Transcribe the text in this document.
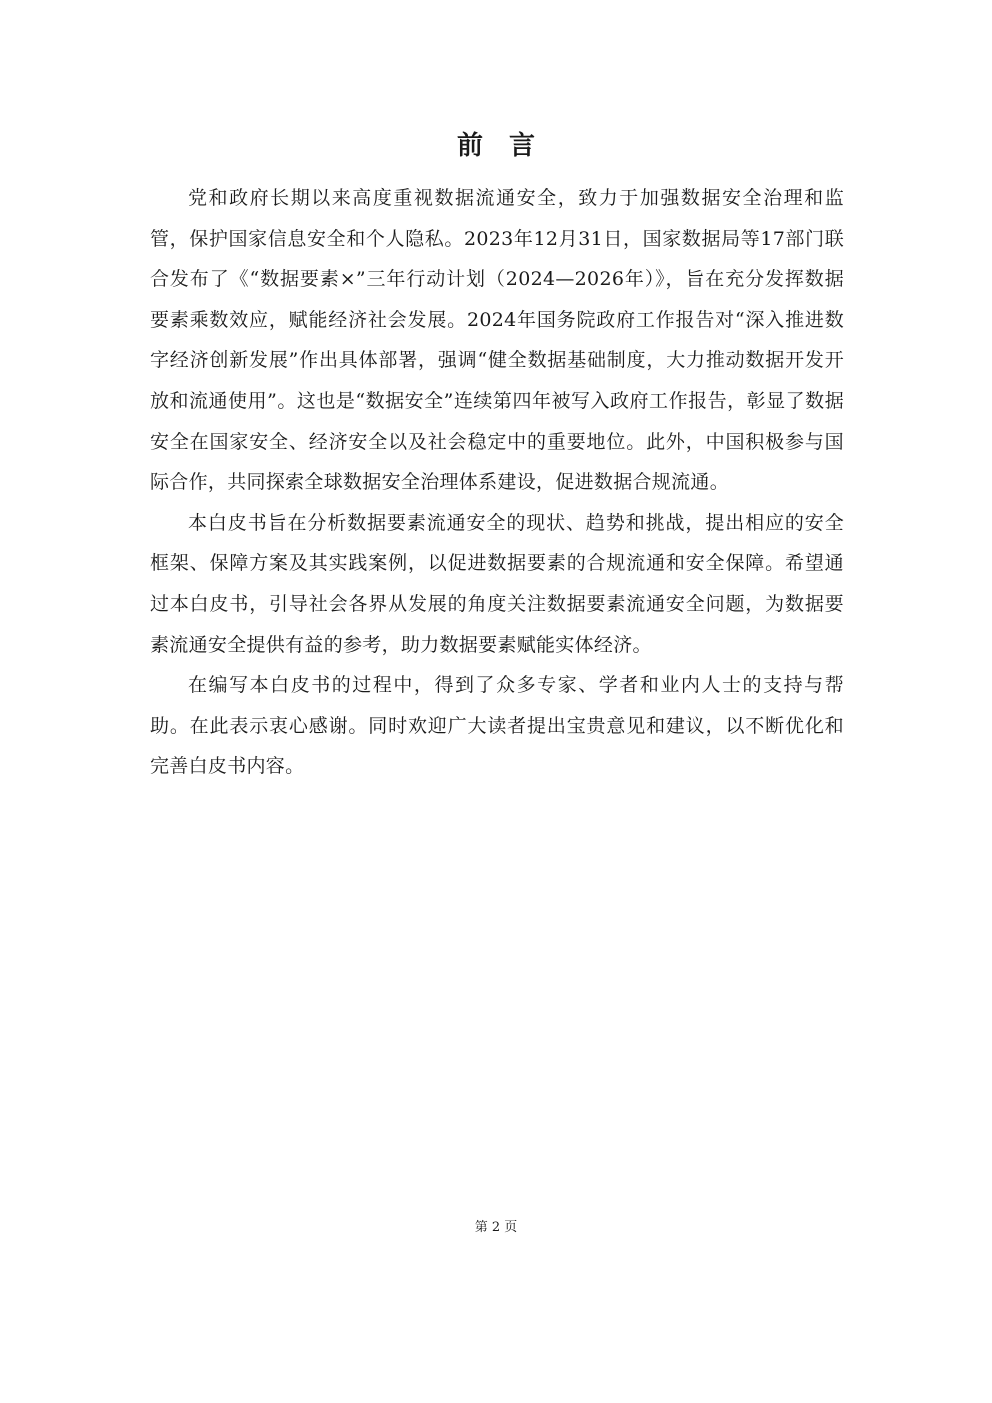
前言

党和政府长期以来高度重视数据流通安全，致力于加强数据安全治理和监管，保护国家信息安全和个人隐私。2023年12月31日，国家数据局等17部门联合发布了《“数据要素×”三年行动计划（2024—2026年）》，旨在充分发挥数据要素乘数效应，赋能经济社会发展。2024年国务院政府工作报告对“深入推进数字经济创新发展”作出具体部署，强调“健全数据基础制度，大力推动数据开发开放和流通使用”。这也是“数据安全”连续第四年被写入政府工作报告，彰显了数据安全在国家安全、经济安全以及社会稳定中的重要地位。此外，中国积极参与国际合作，共同探索全球数据安全治理体系建设，促进数据合规流通。

本白皮书旨在分析数据要素流通安全的现状、趋势和挑战，提出相应的安全框架、保障方案及其实践案例，以促进数据要素的合规流通和安全保障。希望通过本白皮书，引导社会各界从发展的角度关注数据要素流通安全问题，为数据要素流通安全提供有益的参考，助力数据要素赋能实体经济。

在编写本白皮书的过程中，得到了众多专家、学者和业内人士的支持与帮助。在此表示衷心感谢。同时欢迎广大读者提出宝贵意见和建议，以不断优化和完善白皮书内容。

第 2 页
